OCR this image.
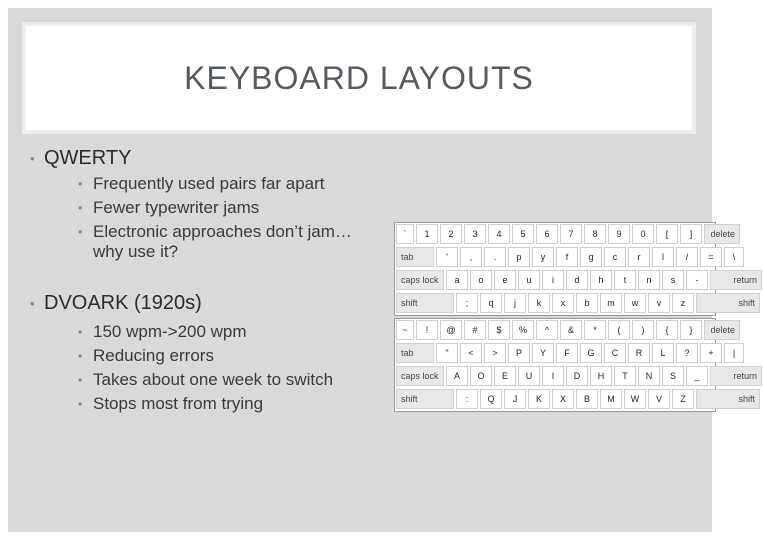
KEYBOARD LAYOUTS
• QWERTY
• Frequently used pairs far apart
• Fewer typewriter jams
• Electronic approaches don’t jam…
why use it?
• DVOARK (1920s)
• 150 wpm->200 wpm
• Reducing errors
• Takes about one week to switch
• Stops most from trying
`	1	2	3	4	5	6	7	8	9	0	[	]	delete
tab	'	,	.	p	y	f	g	c	r	l	/	=	\
caps lock	a	o	e	u	i	d	h	t	n	s	-	return
shift	;	q	j	k	x	b	m	w	v	z	shift
~	!	@	#	$	%	^	&	*	(	)	{	}	delete
tab	"	<	>	P	Y	F	G	C	R	L	?	+	|
caps lock	A	O	E	U	I	D	H	T	N	S	_	return
shift	:	Q	J	K	X	B	M	W	V	Z	shift
